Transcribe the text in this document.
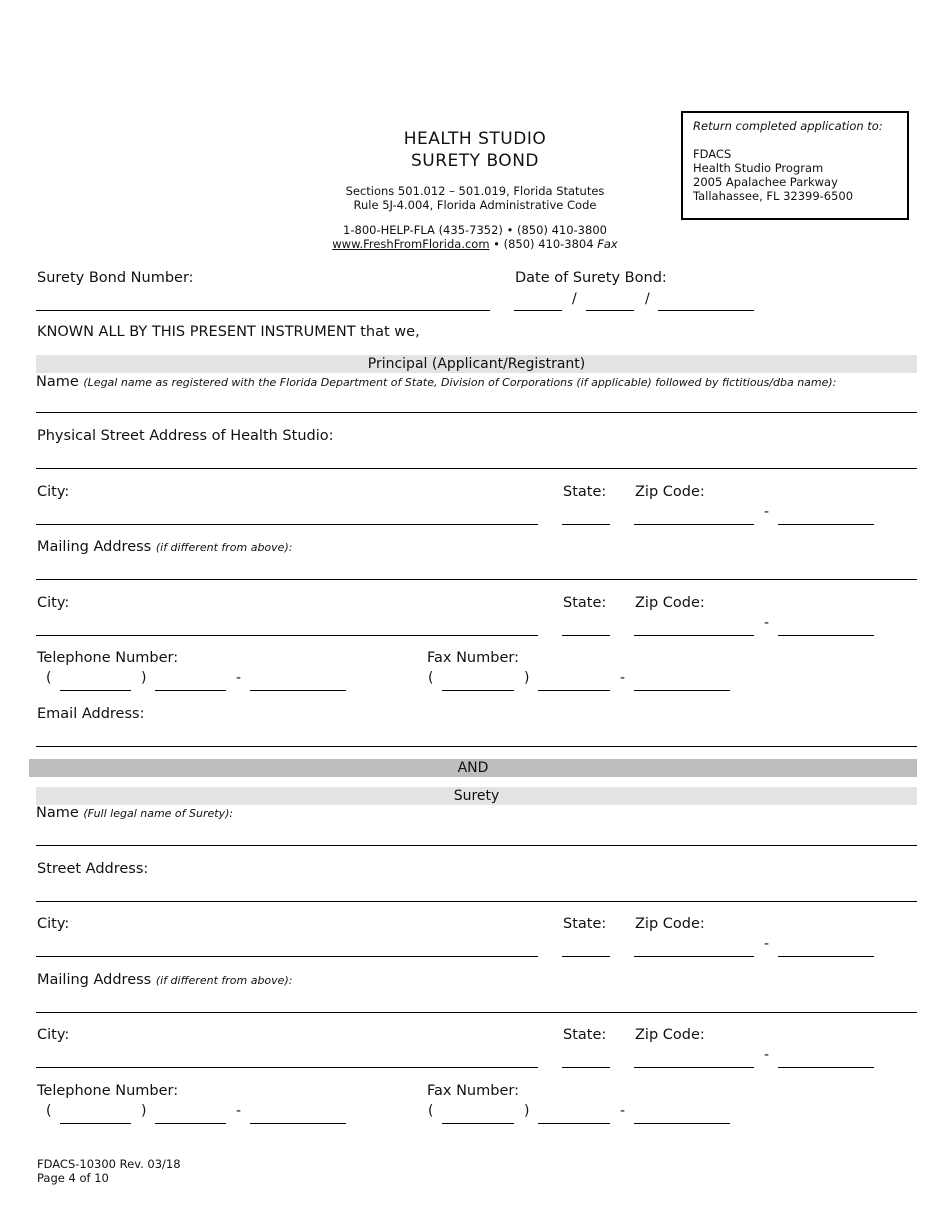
HEALTH STUDIO
SURETY BOND
Sections 501.012 – 501.019, Florida Statutes
Rule 5J-4.004, Florida Administrative Code
1-800-HELP-FLA (435-7352) • (850) 410-3800
www.FreshFromFlorida.com • (850) 410-3804 Fax
Return completed application to:
FDACS
Health Studio Program
2005 Apalachee Parkway
Tallahassee, FL 32399-6500
Surety Bond Number:	Date of Surety Bond:
/	/
KNOWN ALL BY THIS PRESENT INSTRUMENT that we,
Principal (Applicant/Registrant)
Name (Legal name as registered with the Florida Department of State, Division of Corporations (if applicable) followed by fictitious/dba name):
Physical Street Address of Health Studio:
City:	State: Zip Code:
-
Mailing Address (if different from above):
City:	State: Zip Code:
-
Telephone Number:
(	)	-
Fax Number:
(	)	-
Email Address:
AND
Surety
Name (Full legal name of Surety):
Street Address:
City:	State: Zip Code:
-
Mailing Address (if different from above):
City:	State: Zip Code:
-
Telephone Number:
(	)	-
Fax Number:
(	)	-
FDACS-10300 Rev. 03/18
Page 4 of 10
